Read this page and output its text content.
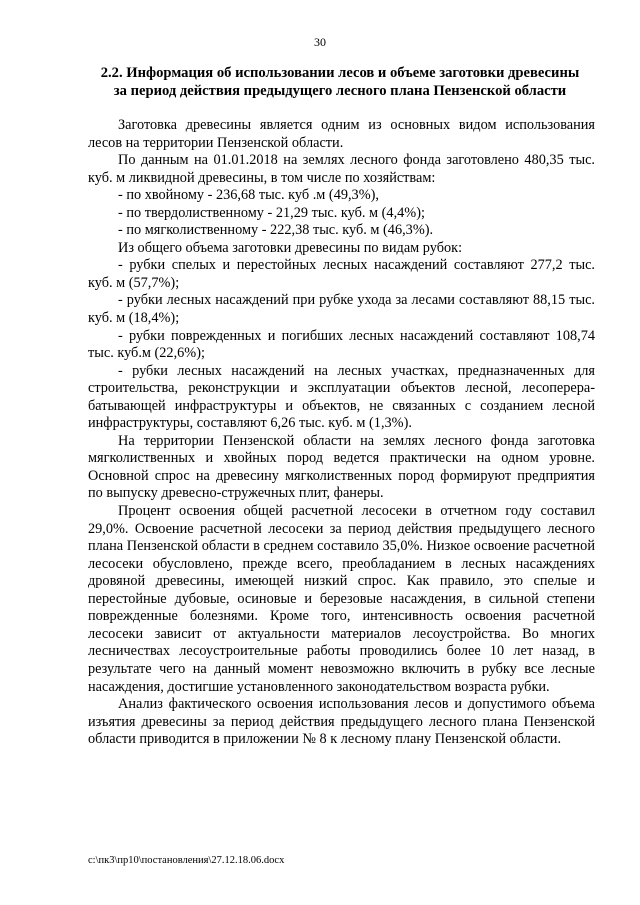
30
2.2. Информация об использовании лесов и объеме заготовки древесины
за период действия предыдущего лесного плана Пензенской области

Заготовка древесины является одним из основных видом использования лесов на территории Пензенской области.

По данным на 01.01.2018 на землях лесного фонда заготовлено 480,35 тыс. куб. м ликвидной древесины, в том числе по хозяйствам:

- по хвойному - 236,68 тыс. куб .м (49,3%),

- по твердолиственному - 21,29 тыс. куб. м (4,4%);

- по мягколиственному - 222,38 тыс. куб. м (46,3%).

Из общего объема заготовки древесины по видам рубок:

- рубки спелых и перестойных лесных насаждений составляют 277,2 тыс. куб. м (57,7%);

- рубки лесных насаждений при рубке ухода за лесами составляют 88,15 тыс. куб. м (18,4%);

- рубки поврежденных и погибших лесных насаждений составляют 108,74 тыс. куб.м (22,6%);

- рубки лесных насаждений на лесных участках, предназначенных для строительства, реконструкции и эксплуатации объектов лесной, лесоперера-батывающей инфраструктуры и объектов, не связанных с созданием лесной инфраструктуры, составляют 6,26 тыс. куб. м (1,3%).

На территории Пензенской области на землях лесного фонда заготовка мягколиственных и хвойных пород ведется практически на одном уровне. Основной спрос на древесину мягколиственных пород формируют предприятия по выпуску древесно-стружечных плит, фанеры.

Процент освоения общей расчетной лесосеки в отчетном году составил 29,0%. Освоение расчетной лесосеки за период действия предыдущего лесного плана Пензенской области в среднем составило 35,0%. Низкое освоение расчетной лесосеки обусловлено, прежде всего, преобладанием в лесных насаждениях дровяной древесины, имеющей низкий спрос. Как правило, это спелые и перестойные дубовые, осиновые и березовые насаждения, в сильной степени поврежденные болезнями. Кроме того, интенсивность освоения расчетной лесосеки зависит от актуальности материалов лесоустройства. Во многих лесничествах лесоустроительные работы проводились более 10 лет назад, в результате чего на данный момент невозможно включить в рубку все лесные насаждения, достигшие установленного законодательством возраста рубки.

Анализ фактического освоения использования лесов и допустимого объема изъятия древесины за период действия предыдущего лесного плана Пензенской области приводится в приложении № 8 к лесному плану Пензенской области.

c:\пк3\пр10\постановления\27.12.18.06.docx
